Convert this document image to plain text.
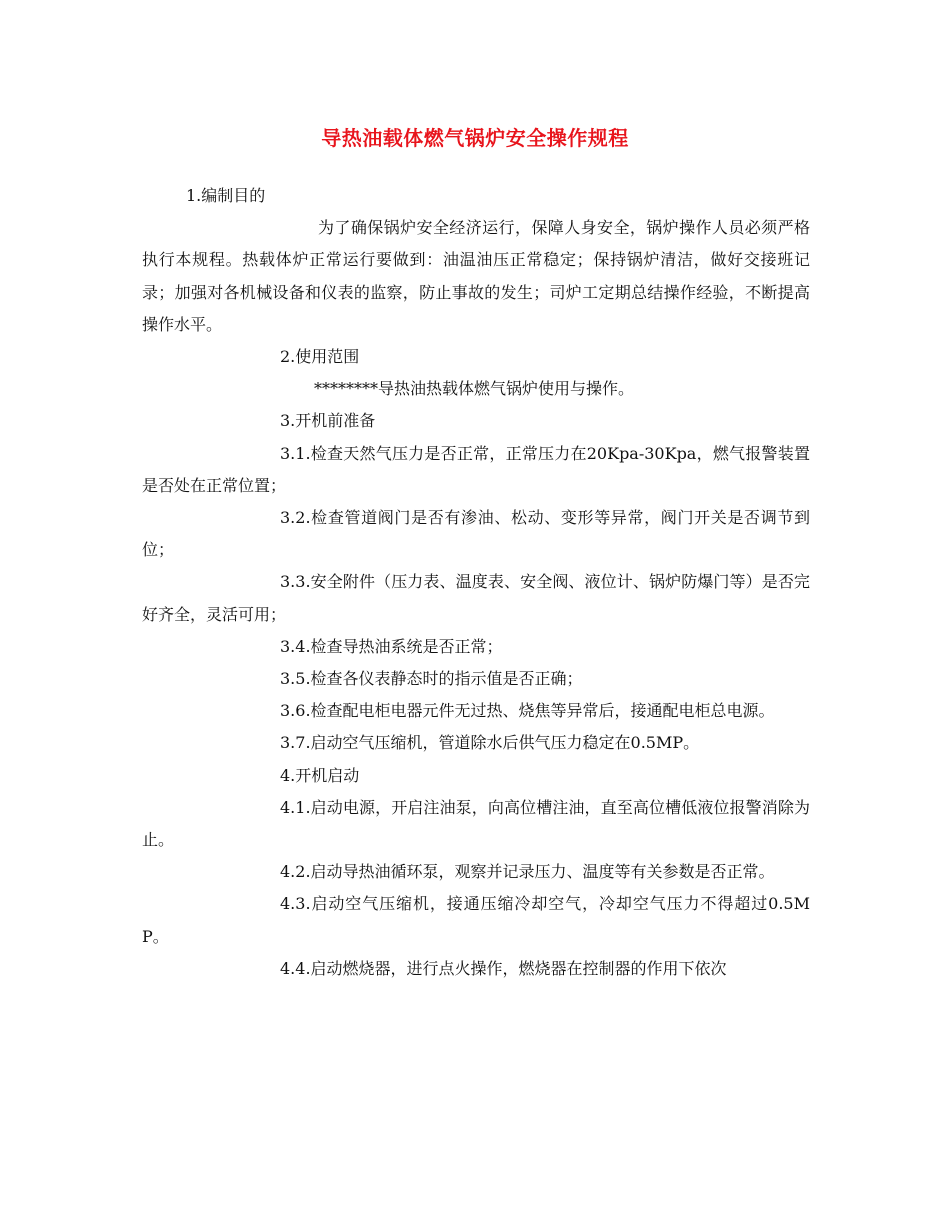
导热油载体燃气锅炉安全操作规程

1.编制目的

为了确保锅炉安全经济运行，保障人身安全，锅炉操作人员必须严格执行本规程。热载体炉正常运行要做到：油温油压正常稳定；保持锅炉清洁，做好交接班记录；加强对各机械设备和仪表的监察，防止事故的发生；司炉工定期总结操作经验，不断提高操作水平。

2.使用范围

********导热油热载体燃气锅炉使用与操作。

3.开机前准备

3.1.检查天然气压力是否正常，正常压力在20Kpa-30Kpa，燃气报警装置是否处在正常位置；

3.2.检查管道阀门是否有渗油、松动、变形等异常，阀门开关是否调节到位；

3.3.安全附件（压力表、温度表、安全阀、液位计、锅炉防爆门等）是否完好齐全，灵活可用；

3.4.检查导热油系统是否正常；

3.5.检查各仪表静态时的指示值是否正确；

3.6.检查配电柜电器元件无过热、烧焦等异常后，接通配电柜总电源。

3.7.启动空气压缩机，管道除水后供气压力稳定在0.5MP。

4.开机启动

4.1.启动电源，开启注油泵，向高位槽注油，直至高位槽低液位报警消除为止。

4.2.启动导热油循环泵，观察并记录压力、温度等有关参数是否正常。

4.3.启动空气压缩机，接通压缩冷却空气，冷却空气压力不得超过0.5MP。

4.4.启动燃烧器，进行点火操作，燃烧器在控制器的作用下依次
